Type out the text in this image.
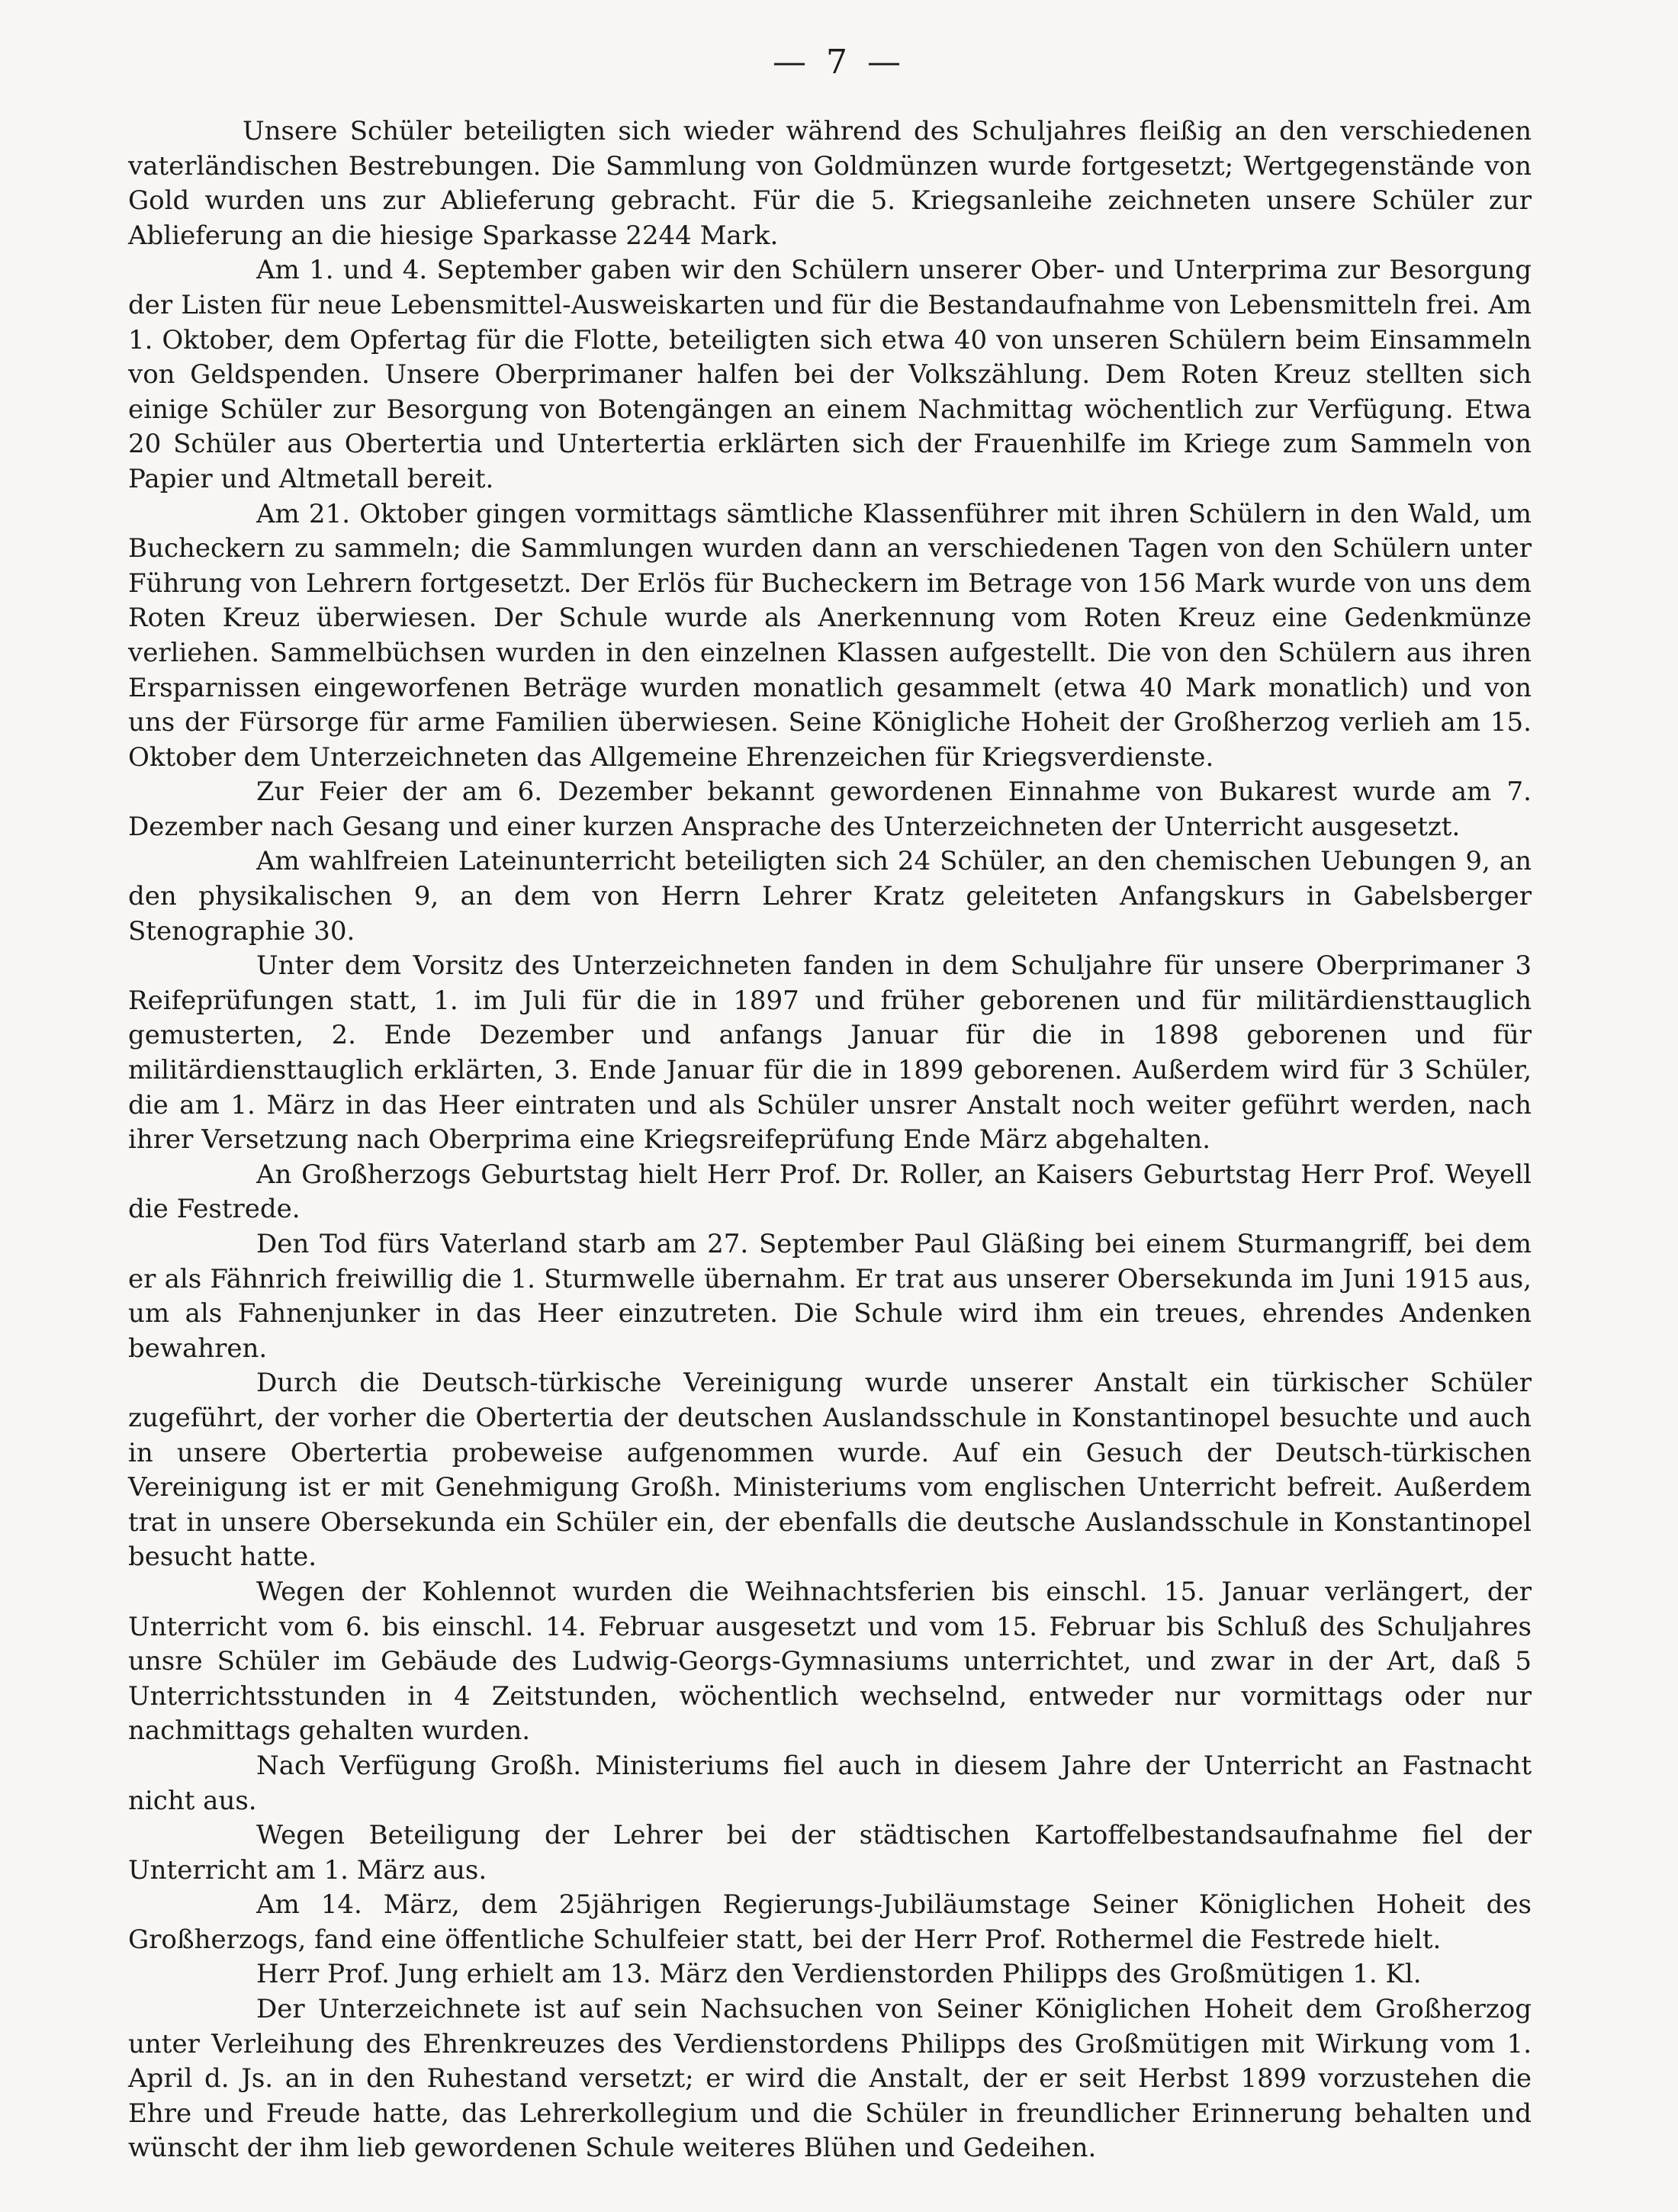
— 7 —

Unsere Schüler beteiligten sich wieder während des Schuljahres fleißig an den verschiedenen vaterländischen Bestrebungen. Die Sammlung von Goldmünzen wurde fortgesetzt; Wertgegenstände von Gold wurden uns zur Ablieferung gebracht. Für die 5. Kriegsanleihe zeichneten unsere Schüler zur Ablieferung an die hiesige Sparkasse 2244 Mark.

Am 1. und 4. September gaben wir den Schülern unserer Ober- und Unterprima zur Besorgung der Listen für neue Lebensmittel-Ausweiskarten und für die Bestandaufnahme von Lebensmitteln frei. Am 1. Oktober, dem Opfertag für die Flotte, beteiligten sich etwa 40 von unseren Schülern beim Einsammeln von Geldspenden. Unsere Oberprimaner halfen bei der Volkszählung. Dem Roten Kreuz stellten sich einige Schüler zur Besorgung von Botengängen an einem Nachmittag wöchentlich zur Verfügung. Etwa 20 Schüler aus Obertertia und Untertertia erklärten sich der Frauenhilfe im Kriege zum Sammeln von Papier und Altmetall bereit.

Am 21. Oktober gingen vormittags sämtliche Klassenführer mit ihren Schülern in den Wald, um Bucheckern zu sammeln; die Sammlungen wurden dann an verschiedenen Tagen von den Schülern unter Führung von Lehrern fortgesetzt. Der Erlös für Bucheckern im Betrage von 156 Mark wurde von uns dem Roten Kreuz überwiesen. Der Schule wurde als Anerkennung vom Roten Kreuz eine Gedenkmünze verliehen. Sammelbüchsen wurden in den einzelnen Klassen aufgestellt. Die von den Schülern aus ihren Ersparnissen eingeworfenen Beträge wurden monatlich gesammelt (etwa 40 Mark monatlich) und von uns der Fürsorge für arme Familien überwiesen. Seine Königliche Hoheit der Großherzog verlieh am 15. Oktober dem Unterzeichneten das Allgemeine Ehrenzeichen für Kriegsverdienste.

Zur Feier der am 6. Dezember bekannt gewordenen Einnahme von Bukarest wurde am 7. Dezember nach Gesang und einer kurzen Ansprache des Unterzeichneten der Unterricht ausgesetzt.

Am wahlfreien Lateinunterricht beteiligten sich 24 Schüler, an den chemischen Uebungen 9, an den physikalischen 9, an dem von Herrn Lehrer Kratz geleiteten Anfangskurs in Gabelsberger Stenographie 30.

Unter dem Vorsitz des Unterzeichneten fanden in dem Schuljahre für unsere Oberprimaner 3 Reifeprüfungen statt, 1. im Juli für die in 1897 und früher geborenen und für militärdiensttauglich gemusterten, 2. Ende Dezember und anfangs Januar für die in 1898 geborenen und für militärdiensttauglich erklärten, 3. Ende Januar für die in 1899 geborenen. Außerdem wird für 3 Schüler, die am 1. März in das Heer eintraten und als Schüler unsrer Anstalt noch weiter geführt werden, nach ihrer Versetzung nach Oberprima eine Kriegsreifeprüfung Ende März abgehalten.

An Großherzogs Geburtstag hielt Herr Prof. Dr. Roller, an Kaisers Geburtstag Herr Prof. Weyell die Festrede.

Den Tod fürs Vaterland starb am 27. September Paul Gläßing bei einem Sturmangriff, bei dem er als Fähnrich freiwillig die 1. Sturmwelle übernahm. Er trat aus unserer Obersekunda im Juni 1915 aus, um als Fahnenjunker in das Heer einzutreten. Die Schule wird ihm ein treues, ehrendes Andenken bewahren.

Durch die Deutsch-türkische Vereinigung wurde unserer Anstalt ein türkischer Schüler zugeführt, der vorher die Obertertia der deutschen Auslandsschule in Konstantinopel besuchte und auch in unsere Obertertia probeweise aufgenommen wurde. Auf ein Gesuch der Deutsch-türkischen Vereinigung ist er mit Genehmigung Großh. Ministeriums vom englischen Unterricht befreit. Außerdem trat in unsere Obersekunda ein Schüler ein, der ebenfalls die deutsche Auslandsschule in Konstantinopel besucht hatte.

Wegen der Kohlennot wurden die Weihnachtsferien bis einschl. 15. Januar verlängert, der Unterricht vom 6. bis einschl. 14. Februar ausgesetzt und vom 15. Februar bis Schluß des Schuljahres unsre Schüler im Gebäude des Ludwig-Georgs-Gymnasiums unterrichtet, und zwar in der Art, daß 5 Unterrichtsstunden in 4 Zeitstunden, wöchentlich wechselnd, entweder nur vormittags oder nur nachmittags gehalten wurden.

Nach Verfügung Großh. Ministeriums fiel auch in diesem Jahre der Unterricht an Fastnacht nicht aus.

Wegen Beteiligung der Lehrer bei der städtischen Kartoffelbestandsaufnahme fiel der Unterricht am 1. März aus.

Am 14. März, dem 25jährigen Regierungs-Jubiläumstage Seiner Königlichen Hoheit des Großherzogs, fand eine öffentliche Schulfeier statt, bei der Herr Prof. Rothermel die Festrede hielt.

Herr Prof. Jung erhielt am 13. März den Verdienstorden Philipps des Großmütigen 1. Kl.

Der Unterzeichnete ist auf sein Nachsuchen von Seiner Königlichen Hoheit dem Großherzog unter Verleihung des Ehrenkreuzes des Verdienstordens Philipps des Großmütigen mit Wirkung vom 1. April d. Js. an in den Ruhestand versetzt; er wird die Anstalt, der er seit Herbst 1899 vorzustehen die Ehre und Freude hatte, das Lehrerkollegium und die Schüler in freundlicher Erinnerung behalten und wünscht der ihm lieb gewordenen Schule weiteres Blühen und Gedeihen.
